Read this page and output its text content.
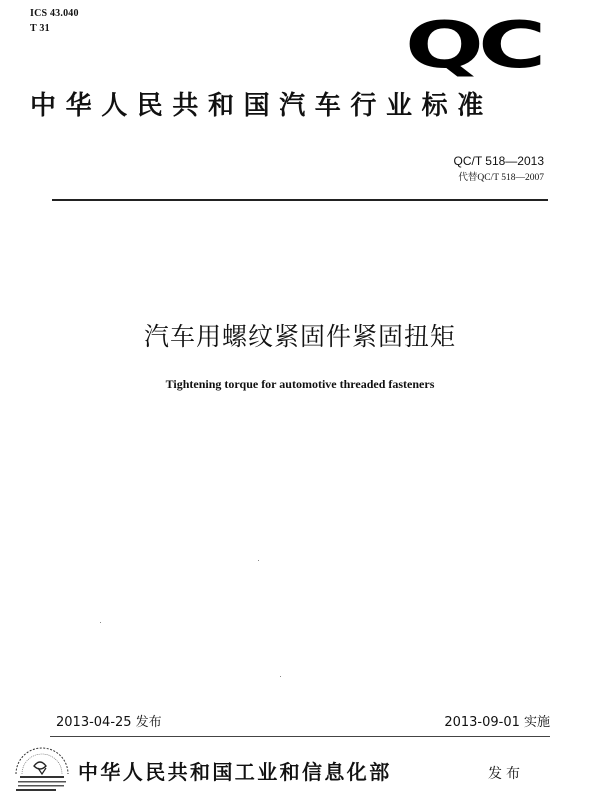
ICS 43.040
T 31	QC
中华人民共和国汽车行业标准
QC/T 518—2013
代替QC/T 518—2007
汽车用螺纹紧固件紧固扭矩
Tightening torque for automotive threaded fasteners
2013-04-25 发布	2013-09-01 实施
中华人民共和国工业和信息化部	发布
